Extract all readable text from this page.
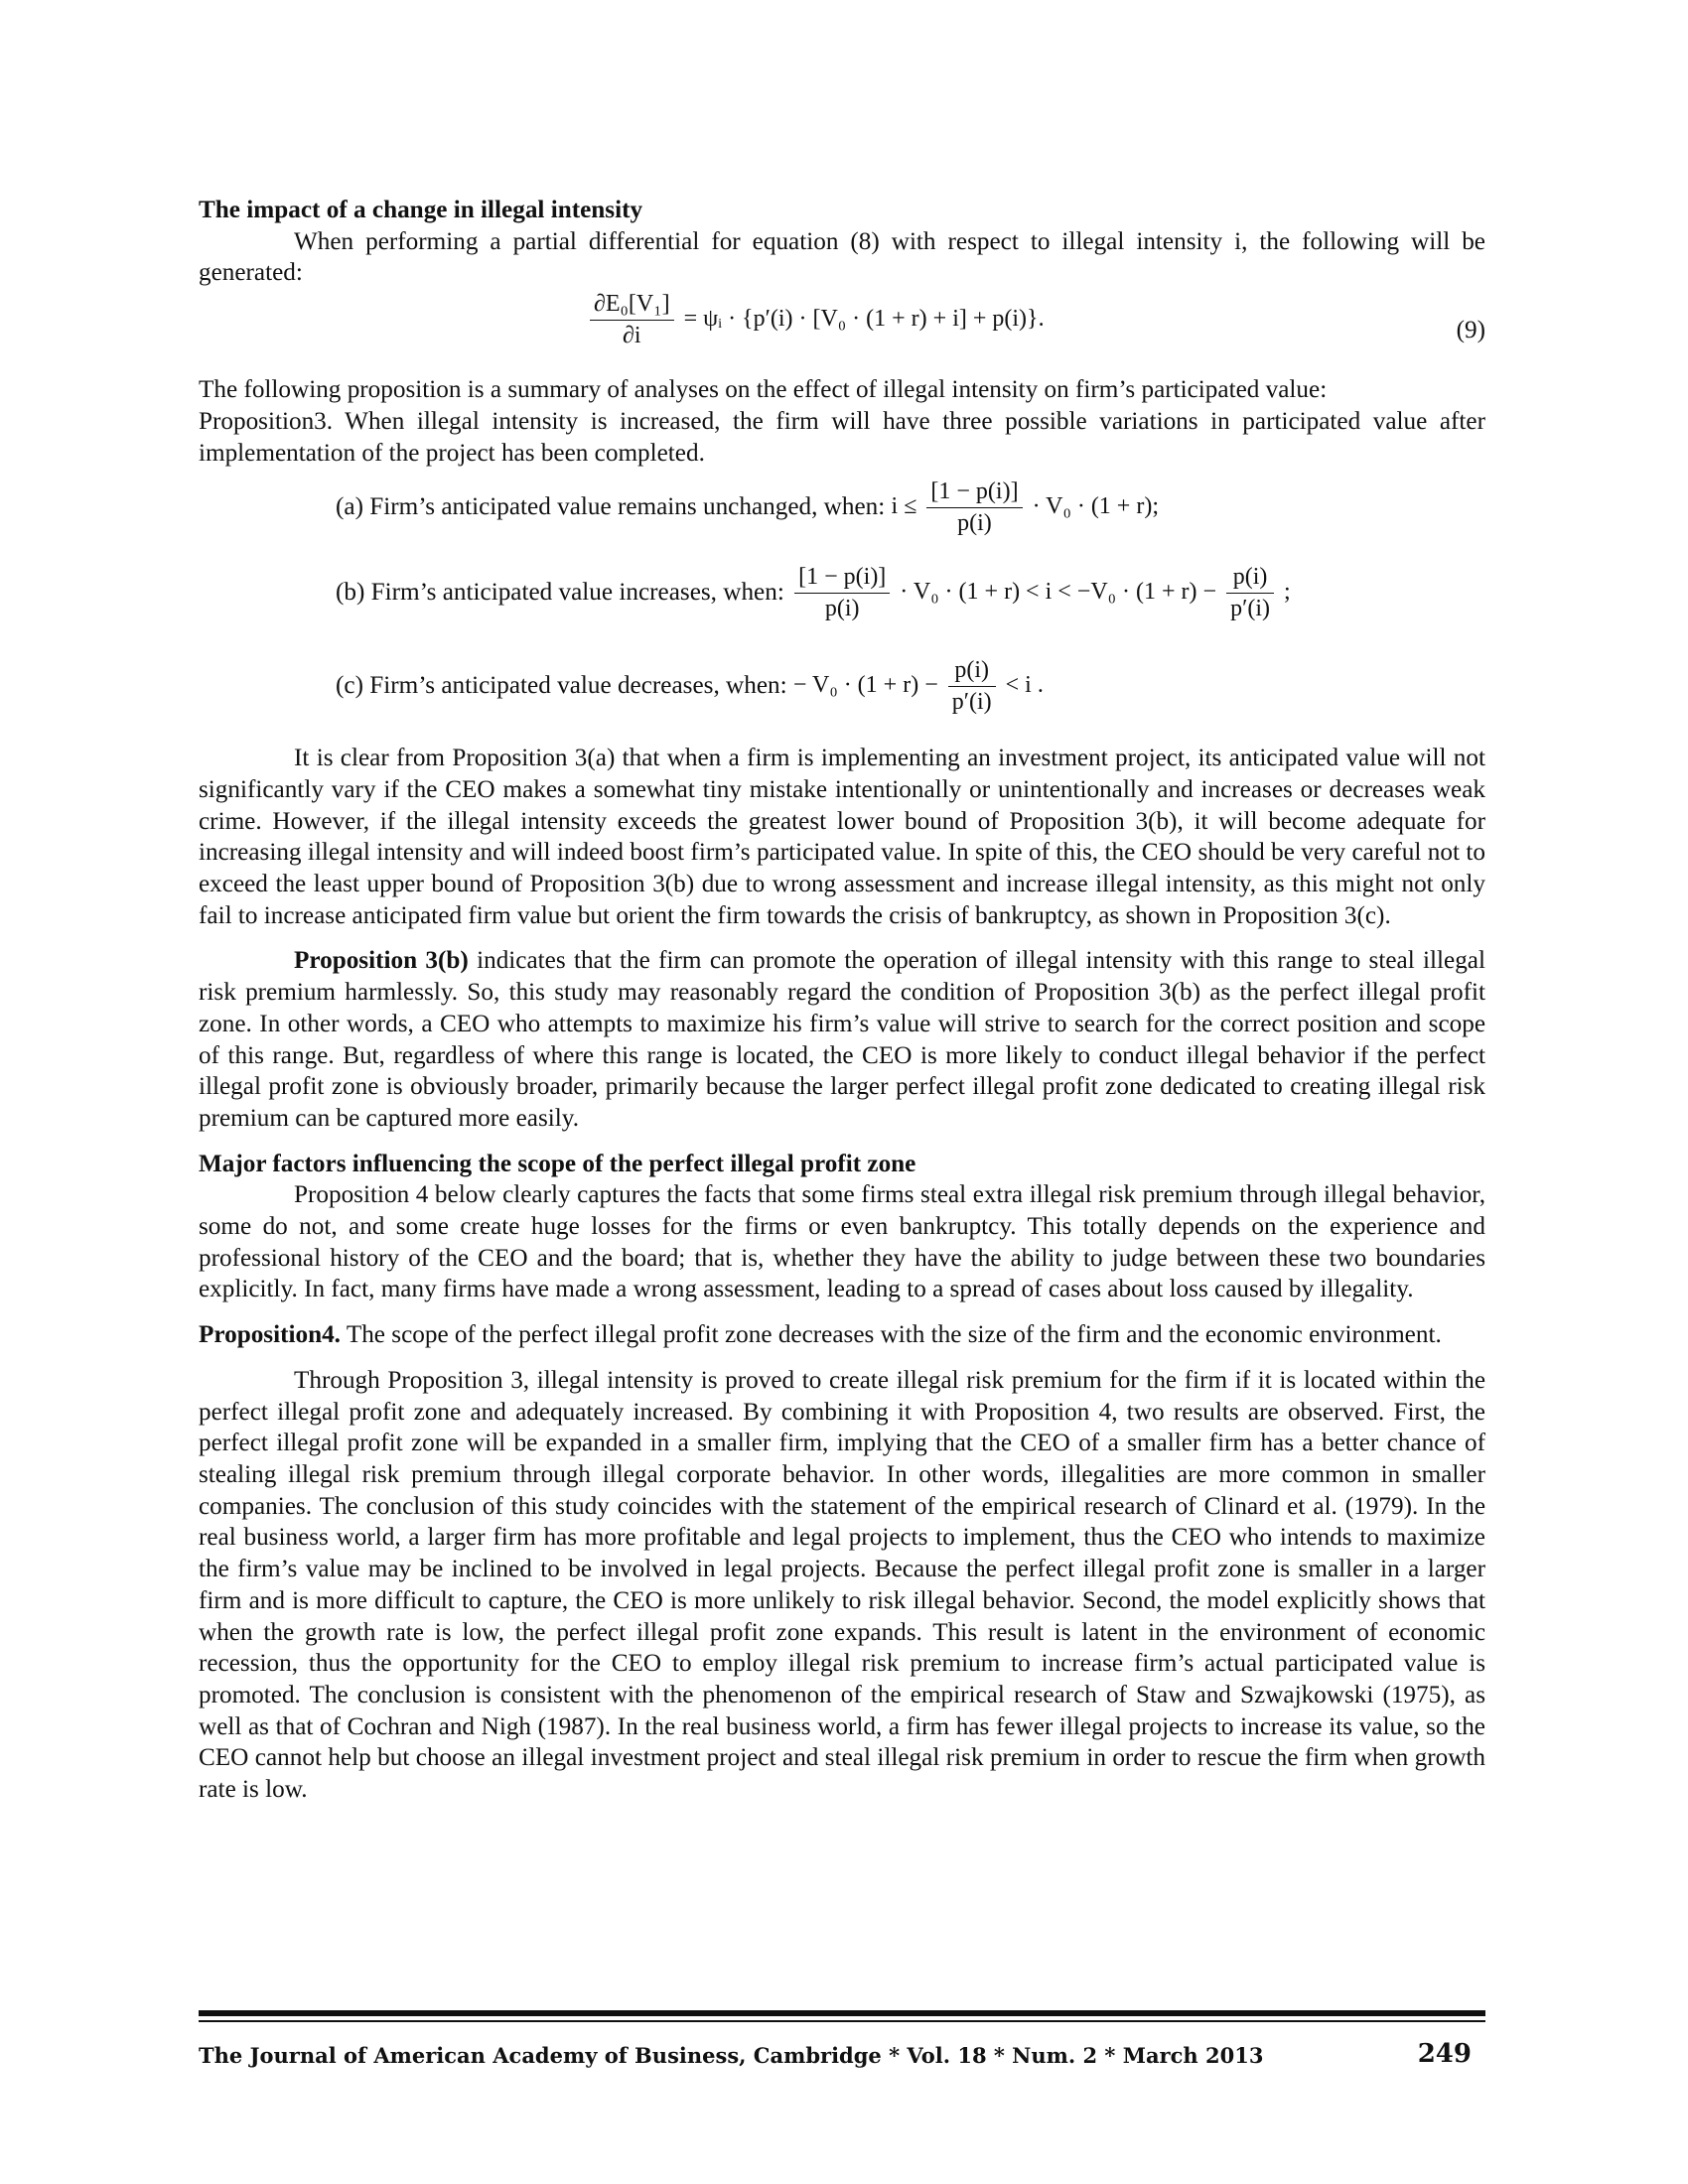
The impact of a change in illegal intensity

When performing a partial differential for equation (8) with respect to illegal intensity i, the following will be generated:

$\frac{\text{∂E₀[V₁]}}{\partial i}$ = ψᵢ · {p′(i) · [V₀ · (1 + r) + i] + p(i)}.	(9)

The following proposition is a summary of analyses on the effect of illegal intensity on firm’s participated value:

Proposition3. When illegal intensity is increased, the firm will have three possible variations in participated value after implementation of the project has been completed.

(a) Firm’s anticipated value remains unchanged, when: $i \le \frac{[1 - p(i)]}{p(i)} \cdot V_0 \cdot (1 + r)$;
(b) Firm’s anticipated value increases, when: $\frac{[1 - p(i)]}{p(i)} \cdot V_0 \cdot (1 + r) < i < -V_0 \cdot (1 + r) - \frac{p(i)}{p'(i)}$ ;
(c) Firm’s anticipated value decreases, when: − $V_0 \cdot (1 + r) - \frac{p(i)}{p'(i)} < i$ .

It is clear from Proposition 3(a) that when a firm is implementing an investment project, its anticipated value will not significantly vary if the CEO makes a somewhat tiny mistake intentionally or unintentionally and increases or decreases weak crime. However, if the illegal intensity exceeds the greatest lower bound of Proposition 3(b), it will become adequate for increasing illegal intensity and will indeed boost firm’s participated value. In spite of this, the CEO should be very careful not to exceed the least upper bound of Proposition 3(b) due to wrong assessment and increase illegal intensity, as this might not only fail to increase anticipated firm value but orient the firm towards the crisis of bankruptcy, as shown in Proposition 3(c).

Proposition 3(b) indicates that the firm can promote the operation of illegal intensity with this range to steal illegal risk premium harmlessly. So, this study may reasonably regard the condition of Proposition 3(b) as the perfect illegal profit zone. In other words, a CEO who attempts to maximize his firm’s value will strive to search for the correct position and scope of this range. But, regardless of where this range is located, the CEO is more likely to conduct illegal behavior if the perfect illegal profit zone is obviously broader, primarily because the larger perfect illegal profit zone dedicated to creating illegal risk premium can be captured more easily.

Major factors influencing the scope of the perfect illegal profit zone

Proposition 4 below clearly captures the facts that some firms steal extra illegal risk premium through illegal behavior, some do not, and some create huge losses for the firms or even bankruptcy. This totally depends on the experience and professional history of the CEO and the board; that is, whether they have the ability to judge between these two boundaries explicitly. In fact, many firms have made a wrong assessment, leading to a spread of cases about loss caused by illegality.

Proposition4. The scope of the perfect illegal profit zone decreases with the size of the firm and the economic environment.

Through Proposition 3, illegal intensity is proved to create illegal risk premium for the firm if it is located within the perfect illegal profit zone and adequately increased. By combining it with Proposition 4, two results are observed. First, the perfect illegal profit zone will be expanded in a smaller firm, implying that the CEO of a smaller firm has a better chance of stealing illegal risk premium through illegal corporate behavior. In other words, illegalities are more common in smaller companies. The conclusion of this study coincides with the statement of the empirical research of Clinard et al. (1979). In the real business world, a larger firm has more profitable and legal projects to implement, thus the CEO who intends to maximize the firm’s value may be inclined to be involved in legal projects. Because the perfect illegal profit zone is smaller in a larger firm and is more difficult to capture, the CEO is more unlikely to risk illegal behavior. Second, the model explicitly shows that when the growth rate is low, the perfect illegal profit zone expands. This result is latent in the environment of economic recession, thus the opportunity for the CEO to employ illegal risk premium to increase firm’s actual participated value is promoted. The conclusion is consistent with the phenomenon of the empirical research of Staw and Szwajkowski (1975), as well as that of Cochran and Nigh (1987). In the real business world, a firm has fewer illegal projects to increase its value, so the CEO cannot help but choose an illegal investment project and steal illegal risk premium in order to rescue the firm when growth rate is low.

The Journal of American Academy of Business, Cambridge * Vol. 18 * Num. 2 * March 2013	249
